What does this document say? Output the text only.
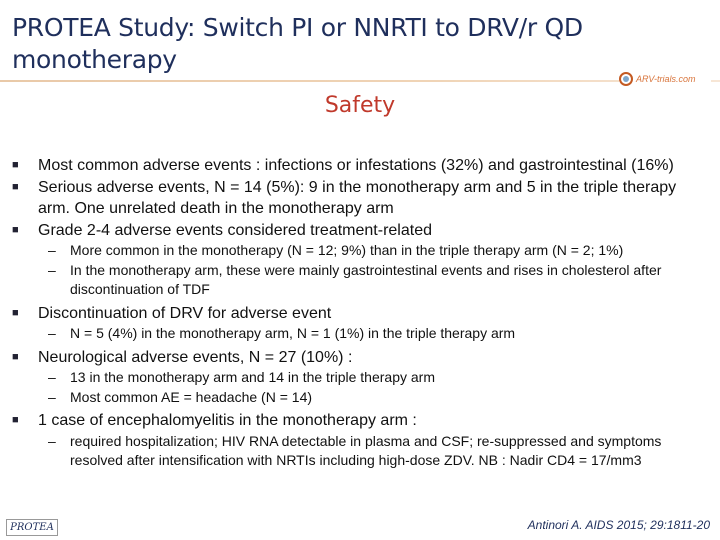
PROTEA Study: Switch PI or NNRTI to DRV/r QD monotherapy
ARV-trials.com
Safety
■ Most common adverse events : infections or infestations (32%) and gastrointestinal (16%)
■ Serious adverse events, N = 14 (5%): 9 in the monotherapy arm and 5 in the triple therapy arm. One unrelated death in the monotherapy arm
■ Grade 2-4 adverse events considered treatment-related
– More common in the monotherapy (N = 12; 9%) than in the triple therapy arm (N = 2; 1%)
– In the monotherapy arm, these were mainly gastrointestinal events and rises in cholesterol after discontinuation of TDF
■ Discontinuation of DRV for adverse event
– N = 5 (4%) in the monotherapy arm, N = 1 (1%) in the triple therapy arm
■ Neurological adverse events, N = 27 (10%) :
– 13 in the monotherapy arm and 14 in the triple therapy arm
– Most common AE = headache (N = 14)
■ 1 case of encephalomyelitis in the monotherapy arm :
– required hospitalization; HIV RNA detectable in plasma and CSF; re-suppressed and symptoms resolved after intensification with NRTIs including high-dose ZDV. NB : Nadir CD4 = 17/mm3
PROTEA	Antinori A. AIDS 2015; 29:1811-20
